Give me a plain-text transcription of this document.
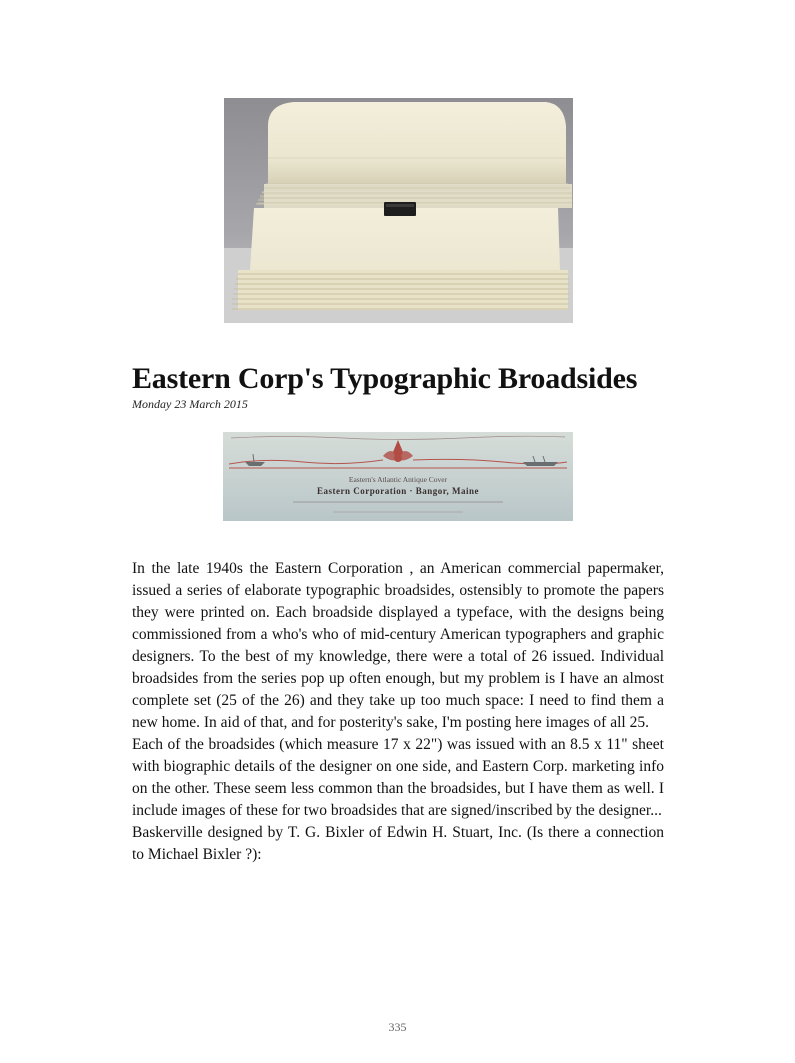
Eastern Corp's Typographic Broadsides
Monday 23 March 2015
Eastern's Atlantic Antique Cover
Eastern Corporation · Bangor, Maine

In the late 1940s the Eastern Corporation , an American commercial papermaker, issued a series of elaborate typographic broadsides, ostensibly to promote the papers they were printed on. Each broadside displayed a typeface, with the designs being commissioned from a who's who of mid-century American typographers and graphic designers. To the best of my knowledge, there were a total of 26 issued. Individual broadsides from the series pop up often enough, but my problem is I have an almost complete set (25 of the 26) and they take up too much space: I need to find them a new home. In aid of that, and for posterity's sake, I'm posting here images of all 25.

Each of the broadsides (which measure 17 x 22") was issued with an 8.5 x 11" sheet with biographic details of the designer on one side, and Eastern Corp. marketing info on the other. These seem less common than the broadsides, but I have them as well. I include images of these for two broadsides that are signed/inscribed by the designer...

Baskerville designed by T. G. Bixler of Edwin H. Stuart, Inc. (Is there a connection to Michael Bixler ?):

335
